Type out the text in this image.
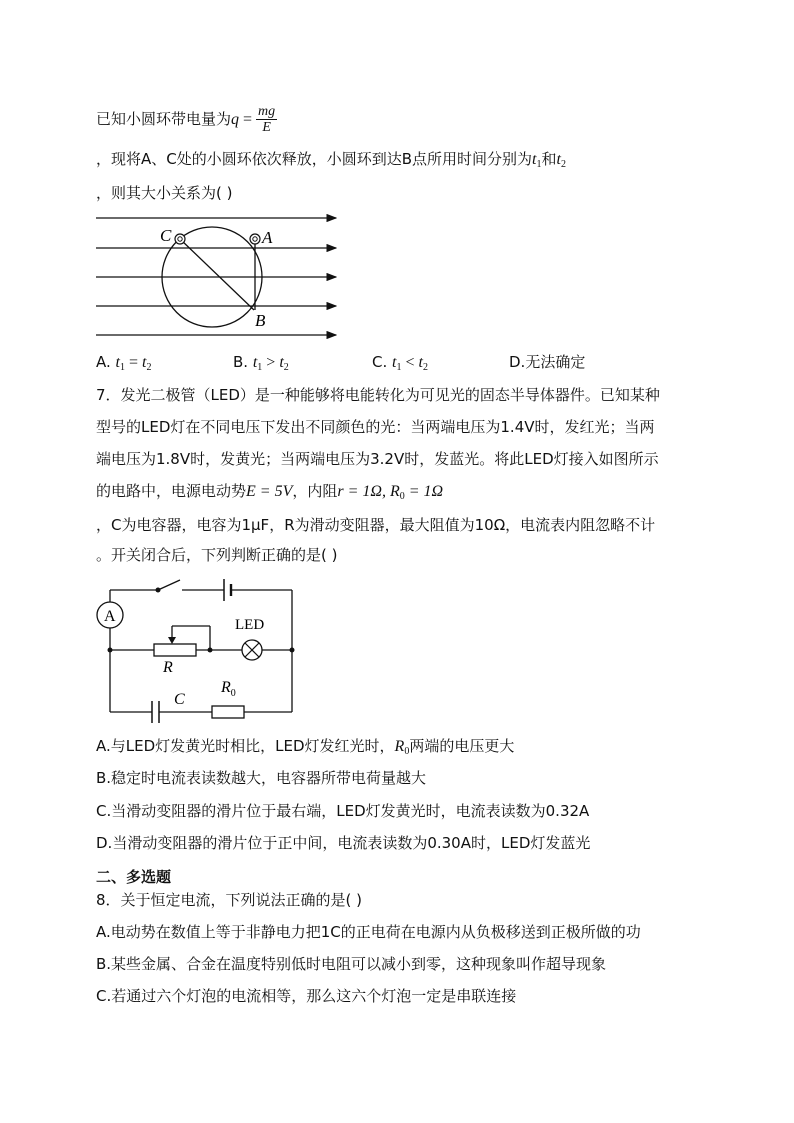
已知小圆环带电量为$q = \frac{mg}{E}$
，现将A、C处的小圆环依次释放，小圆环到达B点所用时间分别为$t_1$和$t_2$
，则其大小关系为( )
C	A
B
A. $t_1 = t_2$	B. $t_1 > t_2$	C. $t_1 < t_2$	D.无法确定
7．发光二极管（LED）是一种能够将电能转化为可见光的固态半导体器件。已知某种
型号的LED灯在不同电压下发出不同颜色的光：当两端电压为1.4V时，发红光；当两
端电压为1.8V时，发黄光；当两端电压为3.2V时，发蓝光。将此LED灯接入如图所示
的电路中，电源电动势E = 5V，内阻r = 1Ω, $R_0 = 1\Omega$
，C为电容器，电容为1μF，R为滑动变阻器，最大阻值为10Ω，电流表内阻忽略不计
。开关闭合后，下列判断正确的是( )
A
R
LED
C
$R_0$
A.与LED灯发黄光时相比，LED灯发红光时，$R_0$两端的电压更大
B.稳定时电流表读数越大，电容器所带电荷量越大
C.当滑动变阻器的滑片位于最右端，LED灯发黄光时，电流表读数为0.32A
D.当滑动变阻器的滑片位于正中间，电流表读数为0.30A时，LED灯发蓝光
二、多选题
8．关于恒定电流，下列说法正确的是( )
A.电动势在数值上等于非静电力把1C的正电荷在电源内从负极移送到正极所做的功
B.某些金属、合金在温度特别低时电阻可以减小到零，这种现象叫作超导现象
C.若通过六个灯泡的电流相等，那么这六个灯泡一定是串联连接
